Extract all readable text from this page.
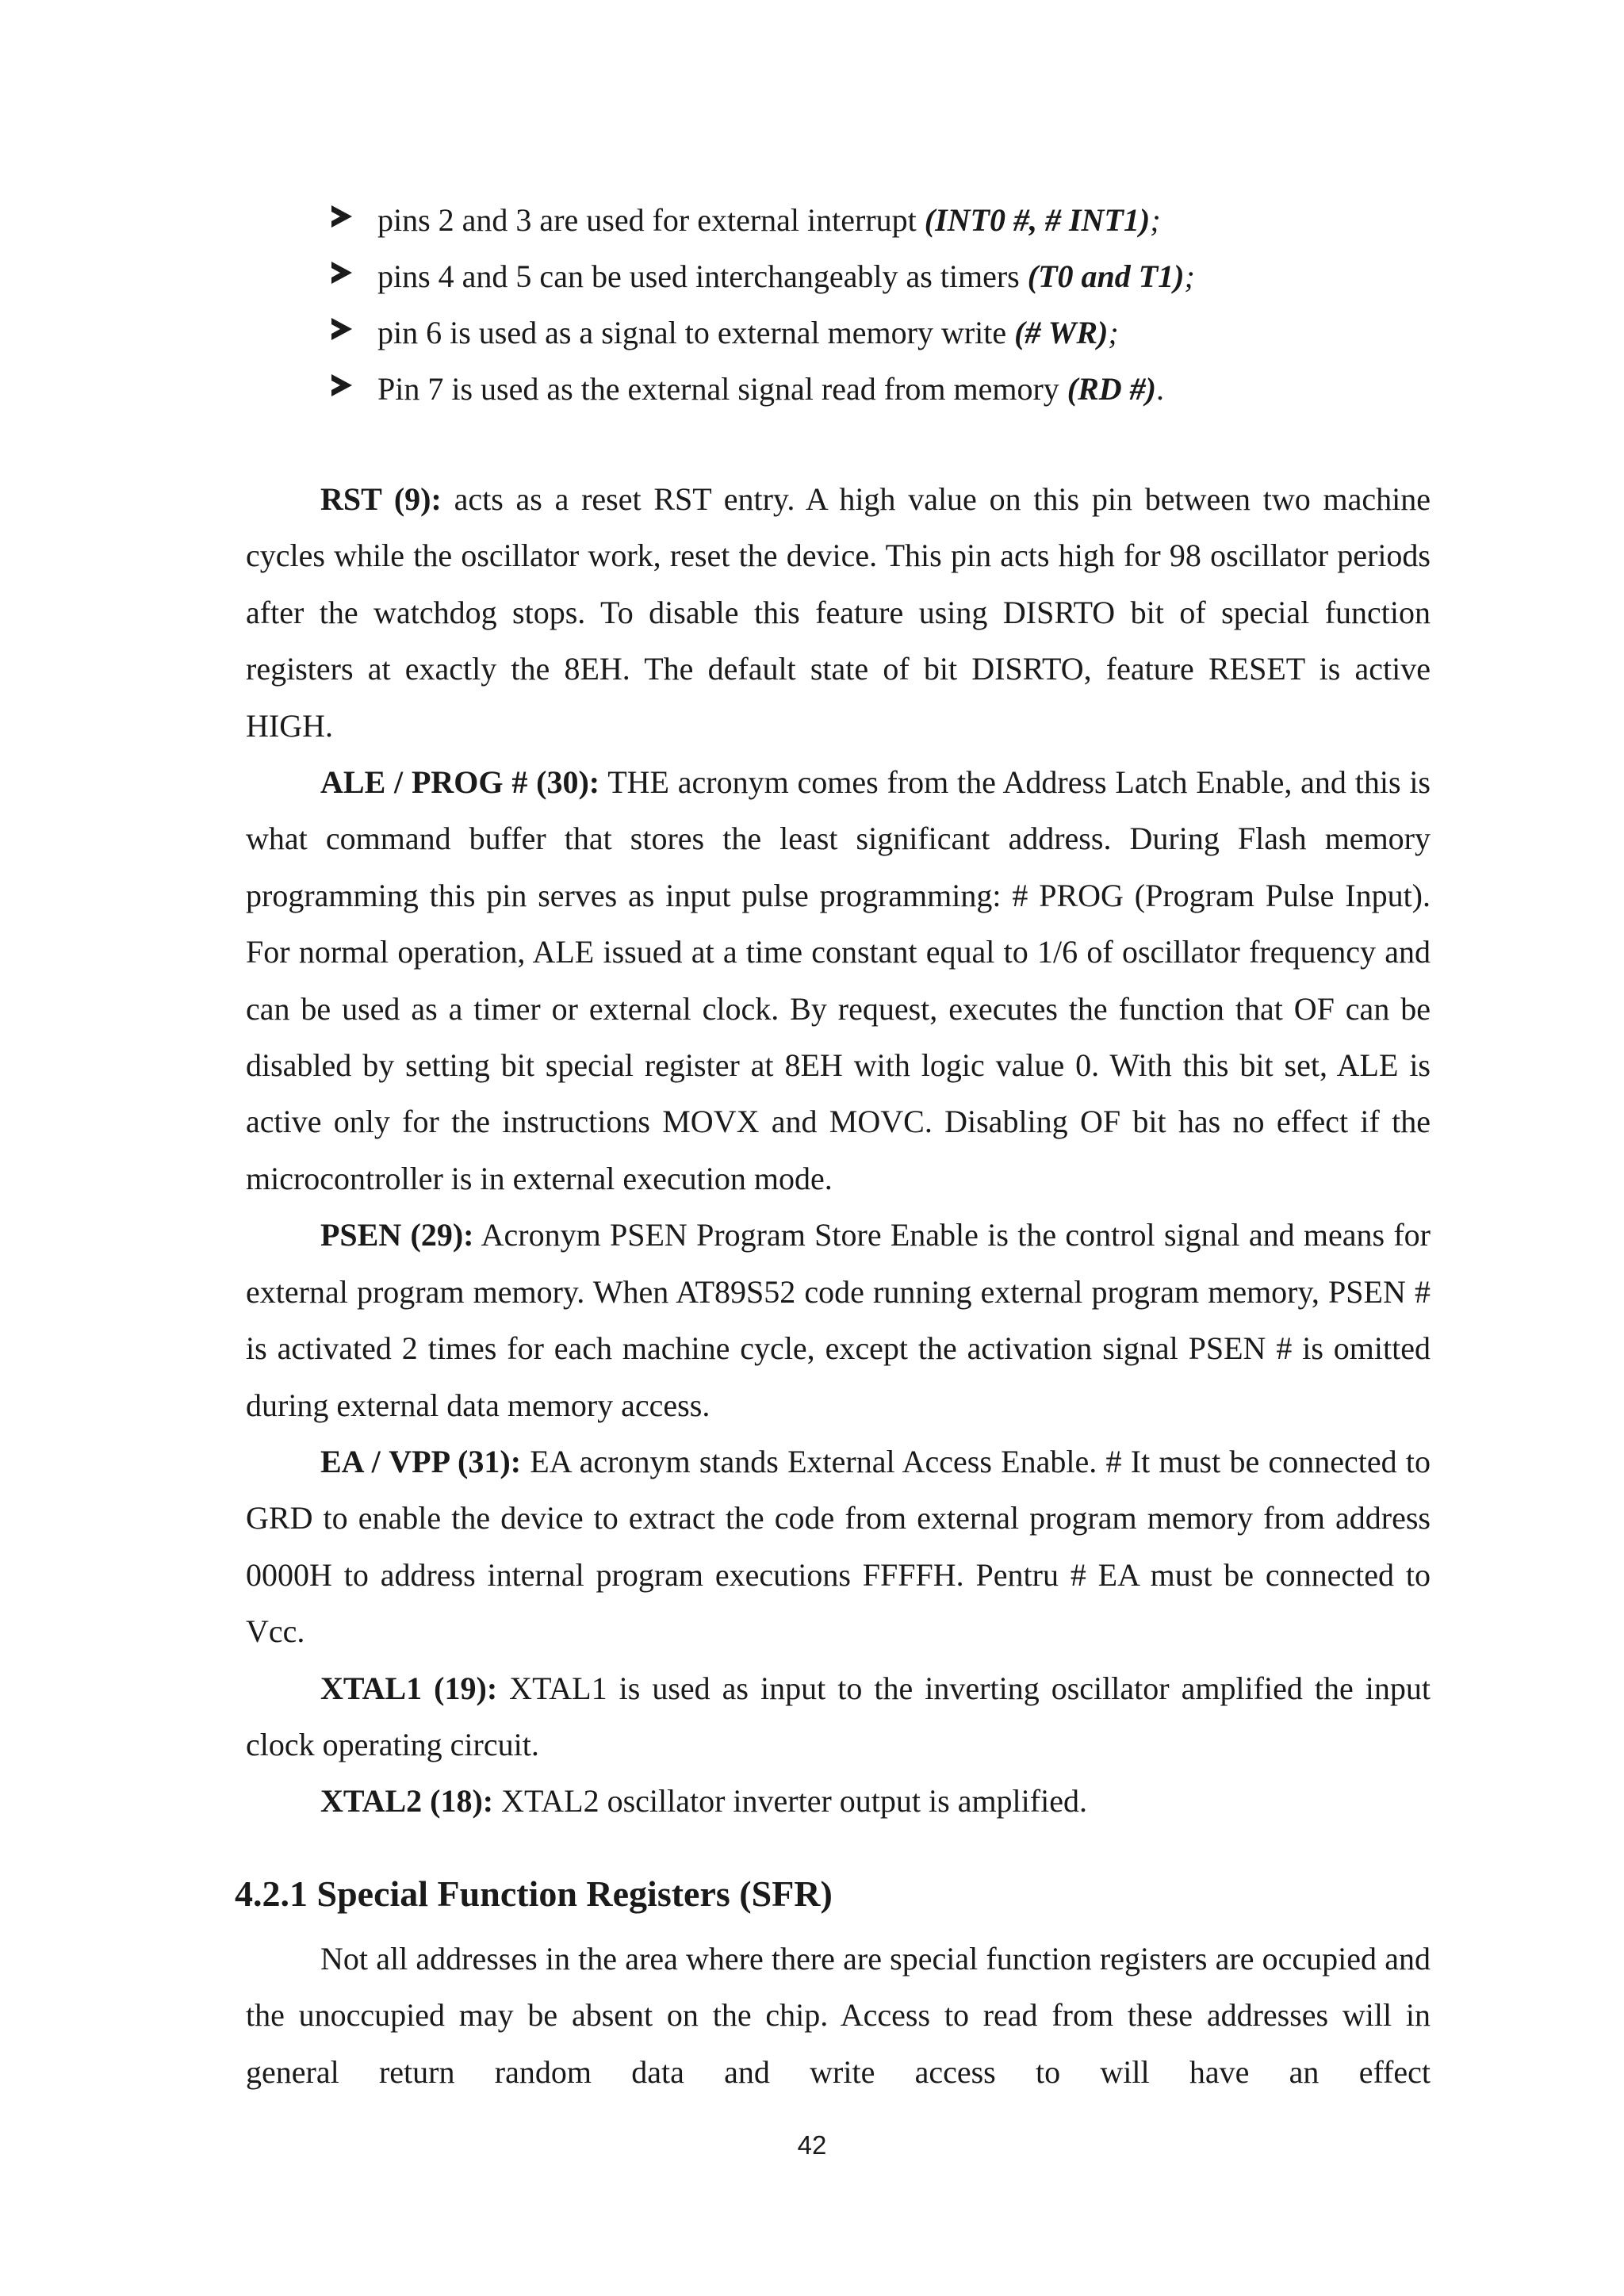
pins 2 and 3 are used for external interrupt (INT0 #, # INT1);
pins 4 and 5 can be used interchangeably as timers (T0 and T1);
pin 6 is used as a signal to external memory write (# WR);
Pin 7 is used as the external signal read from memory (RD #).

RST (9): acts as a reset RST entry. A high value on this pin between two machine cycles while the oscillator work, reset the device. This pin acts high for 98 oscillator periods after the watchdog stops. To disable this feature using DISRTO bit of special function registers at exactly the 8EH. The default state of bit DISRTO, feature RESET is active HIGH.

ALE / PROG # (30): THE acronym comes from the Address Latch Enable, and this is what command buffer that stores the least significant address. During Flash memory programming this pin serves as input pulse programming: # PROG (Program Pulse Input). For normal operation, ALE issued at a time constant equal to 1/6 of oscillator frequency and can be used as a timer or external clock. By request, executes the function that OF can be disabled by setting bit special register at 8EH with logic value 0. With this bit set, ALE is active only for the instructions MOVX and MOVC. Disabling OF bit has no effect if the microcontroller is in external execution mode.

PSEN (29): Acronym PSEN Program Store Enable is the control signal and means for external program memory. When AT89S52 code running external program memory, PSEN # is activated 2 times for each machine cycle, except the activation signal PSEN # is omitted during external data memory access.

EA / VPP (31): EA acronym stands External Access Enable. # It must be connected to GRD to enable the device to extract the code from external program memory from address 0000H to address internal program executions FFFFH. Pentru # EA must be connected to Vcc.

XTAL1 (19): XTAL1 is used as input to the inverting oscillator amplified the input clock operating circuit.

XTAL2 (18): XTAL2 oscillator inverter output is amplified.

4.2.1 Special Function Registers (SFR)

Not all addresses in the area where there are special function registers are occupied and the unoccupied may be absent on the chip. Access to read from these addresses will in general return random data and write access to will have an effect

42
